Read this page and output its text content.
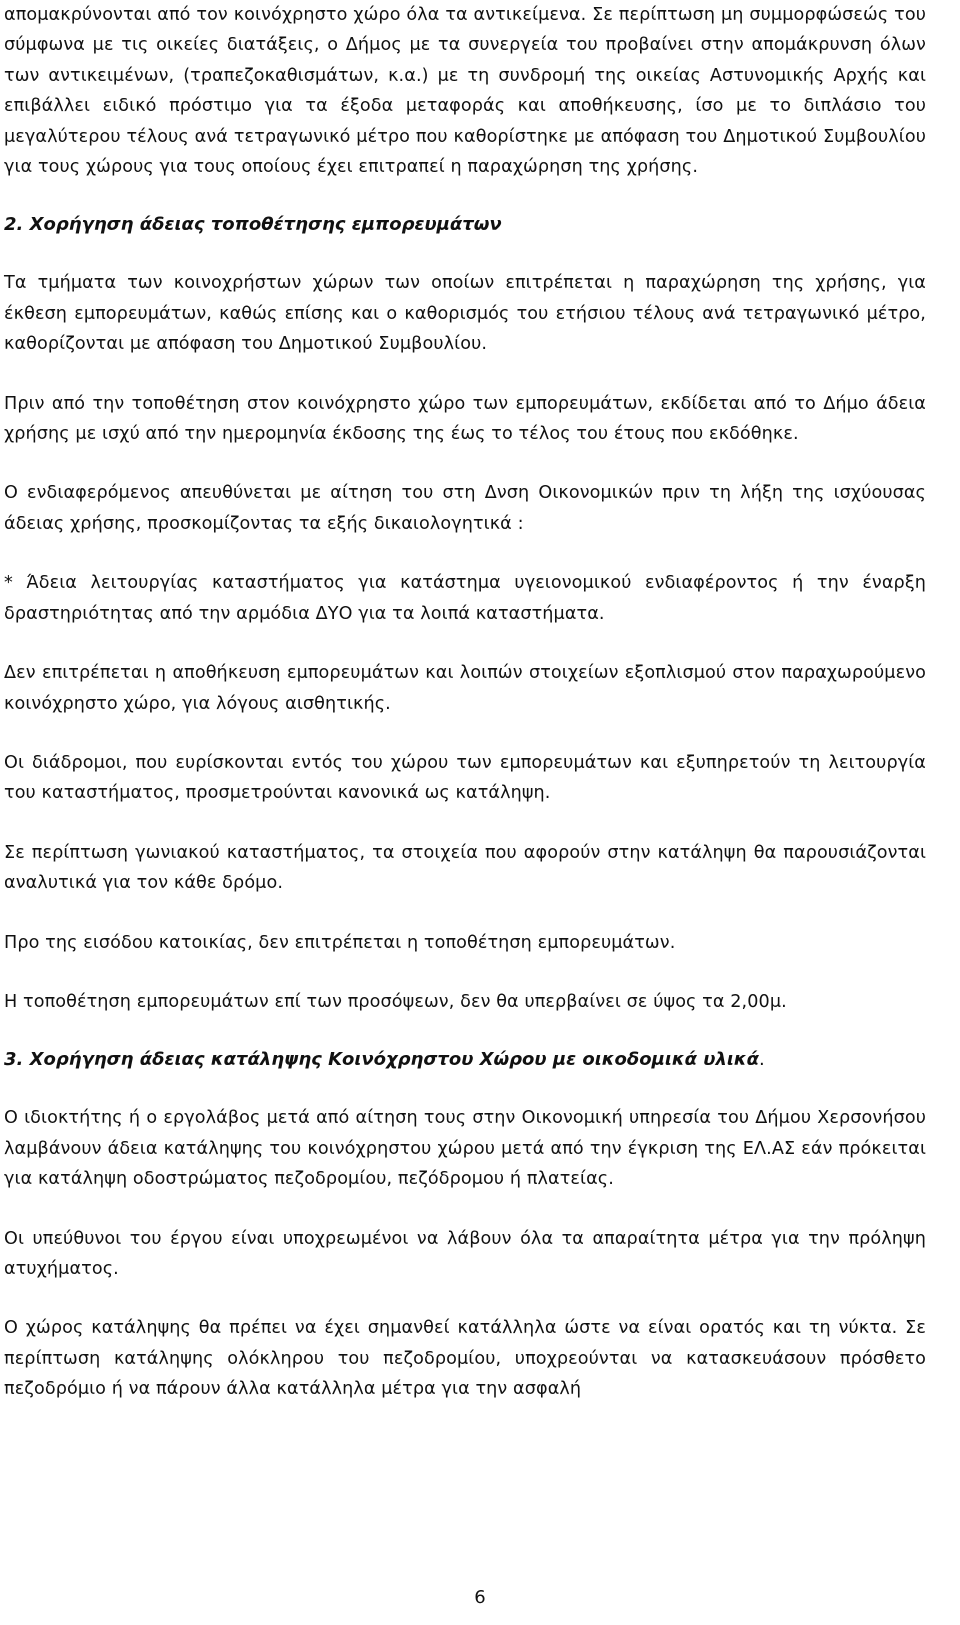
απομακρύνονται από τον κοινόχρηστο χώρο όλα τα αντικείμενα. Σε περίπτωση μη συμμορφώσεώς του σύμφωνα με τις οικείες διατάξεις, ο Δήμος με τα συνεργεία του προβαίνει στην απομάκρυνση όλων των αντικειμένων, (τραπεζοκαθισμάτων, κ.α.) με τη συνδρομή της οικείας Αστυνομικής Αρχής και επιβάλλει ειδικό πρόστιμο για τα έξοδα μεταφοράς και αποθήκευσης, ίσο με το διπλάσιο του μεγαλύτερου τέλους ανά τετραγωνικό μέτρο που καθορίστηκε με απόφαση του Δημοτικού Συμβουλίου για τους χώρους για τους οποίους έχει επιτραπεί η παραχώρηση της χρήσης.

2. Χορήγηση άδειας τοποθέτησης εμπορευμάτων

Τα τμήματα των κοινοχρήστων χώρων των οποίων επιτρέπεται η παραχώρηση της χρήσης, για έκθεση εμπορευμάτων, καθώς επίσης και ο καθορισμός του ετήσιου τέλους ανά τετραγωνικό μέτρο, καθορίζονται με απόφαση του Δημοτικού Συμβουλίου.

Πριν από την τοποθέτηση στον κοινόχρηστο χώρο των εμπορευμάτων, εκδίδεται από το Δήμο άδεια χρήσης με ισχύ από την ημερομηνία έκδοσης της έως το τέλος του έτους που εκδόθηκε.

Ο ενδιαφερόμενος απευθύνεται με αίτηση του στη Δνση Οικονομικών πριν τη λήξη της ισχύουσας άδειας χρήσης, προσκομίζοντας τα εξής δικαιολογητικά :

* Άδεια λειτουργίας καταστήματος για κατάστημα υγειονομικού ενδιαφέροντος ή την έναρξη δραστηριότητας από την αρμόδια ΔΥΟ για τα λοιπά καταστήματα.

Δεν επιτρέπεται η αποθήκευση εμπορευμάτων και λοιπών στοιχείων εξοπλισμού στον παραχωρούμενο κοινόχρηστο χώρο, για λόγους αισθητικής.

Οι διάδρομοι, που ευρίσκονται εντός του χώρου των εμπορευμάτων και εξυπηρετούν τη λειτουργία του καταστήματος, προσμετρούνται κανονικά ως κατάληψη.

Σε περίπτωση γωνιακού καταστήματος, τα στοιχεία που αφορούν στην κατάληψη θα παρουσιάζονται αναλυτικά για τον κάθε δρόμο.

Προ της εισόδου κατοικίας, δεν επιτρέπεται η τοποθέτηση εμπορευμάτων.

Η τοποθέτηση εμπορευμάτων επί των προσόψεων, δεν θα υπερβαίνει σε ύψος τα 2,00μ.

3. Χορήγηση άδειας κατάληψης Κοινόχρηστου Χώρου με οικοδομικά υλικά.

Ο ιδιοκτήτης ή ο εργολάβος μετά από αίτηση τους στην Οικονομική υπηρεσία του Δήμου Χερσονήσου λαμβάνουν άδεια κατάληψης του κοινόχρηστου χώρου μετά από την έγκριση της ΕΛ.ΑΣ εάν πρόκειται για κατάληψη οδοστρώματος πεζοδρομίου, πεζόδρομου ή πλατείας.

Οι υπεύθυνοι του έργου είναι υποχρεωμένοι να λάβουν όλα τα απαραίτητα μέτρα για την πρόληψη ατυχήματος.

Ο χώρος κατάληψης θα πρέπει να έχει σημανθεί κατάλληλα ώστε να είναι ορατός και τη νύκτα. Σε περίπτωση κατάληψης ολόκληρου του πεζοδρομίου, υποχρεούνται να κατασκευάσουν πρόσθετο πεζοδρόμιο ή να πάρουν άλλα κατάλληλα μέτρα για την ασφαλή

6
